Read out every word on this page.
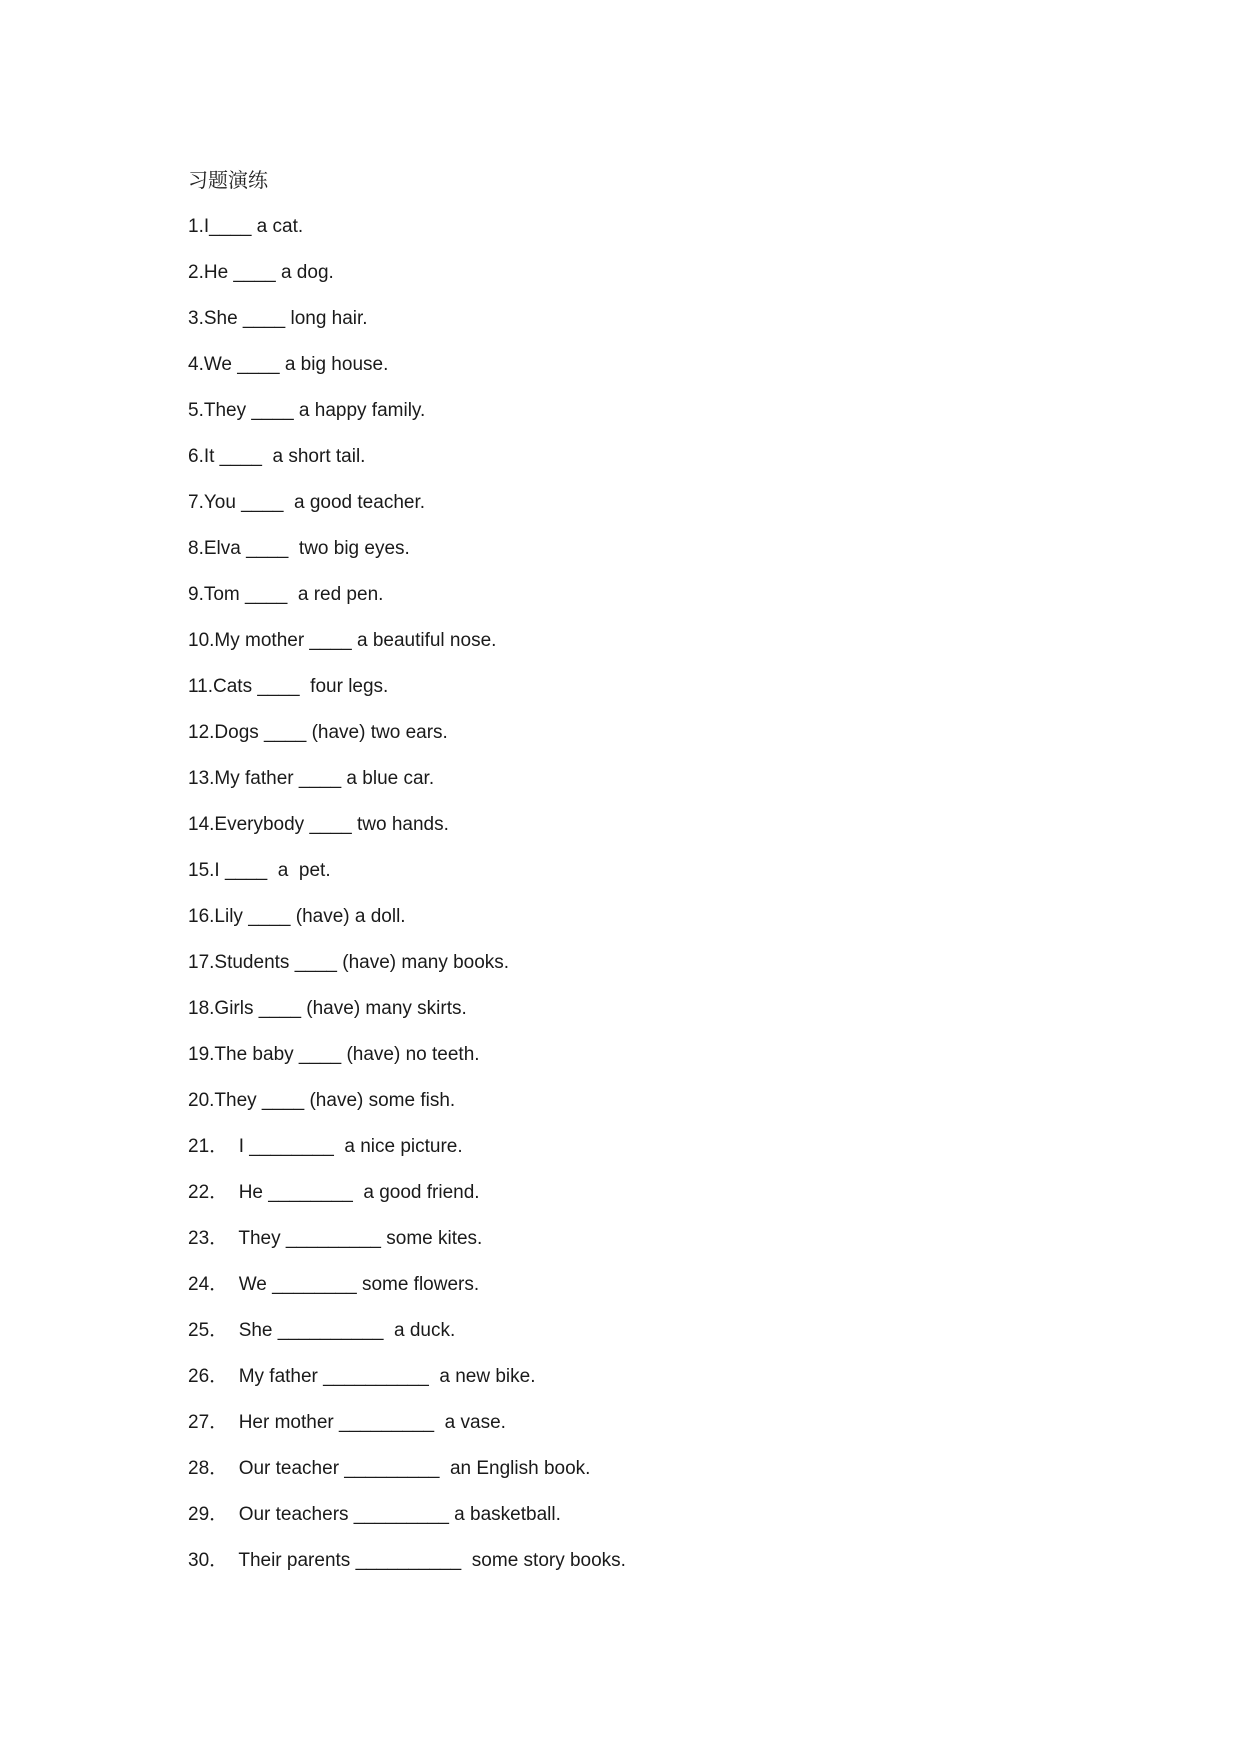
习题演练
1.I____ a cat.
2.He ____ a dog.
3.She ____ long hair.
4.We ____ a big house.
5.They ____ a happy family.
6.It ____  a short tail.
7.You ____  a good teacher.
8.Elva ____  two big eyes.
9.Tom ____  a red pen.
10.My mother ____ a beautiful nose.
11.Cats ____  four legs.
12.Dogs ____ (have) two ears.
13.My father ____ a blue car.
14.Everybody ____ two hands.
15.I ____  a  pet.
16.Lily ____ (have) a doll.
17.Students ____ (have) many books.
18.Girls ____ (have) many skirts.
19.The baby ____ (have) no teeth.
20.They ____ (have) some fish.
21．  I ________  a nice picture.
22．  He ________  a good friend.
23．  They _________ some kites.
24．  We ________ some flowers.
25．  She __________  a duck.
26．  My father __________  a new bike.
27．  Her mother _________  a vase.
28．  Our teacher _________  an English book.
29．  Our teachers _________ a basketball.
30．  Their parents __________  some story books.
